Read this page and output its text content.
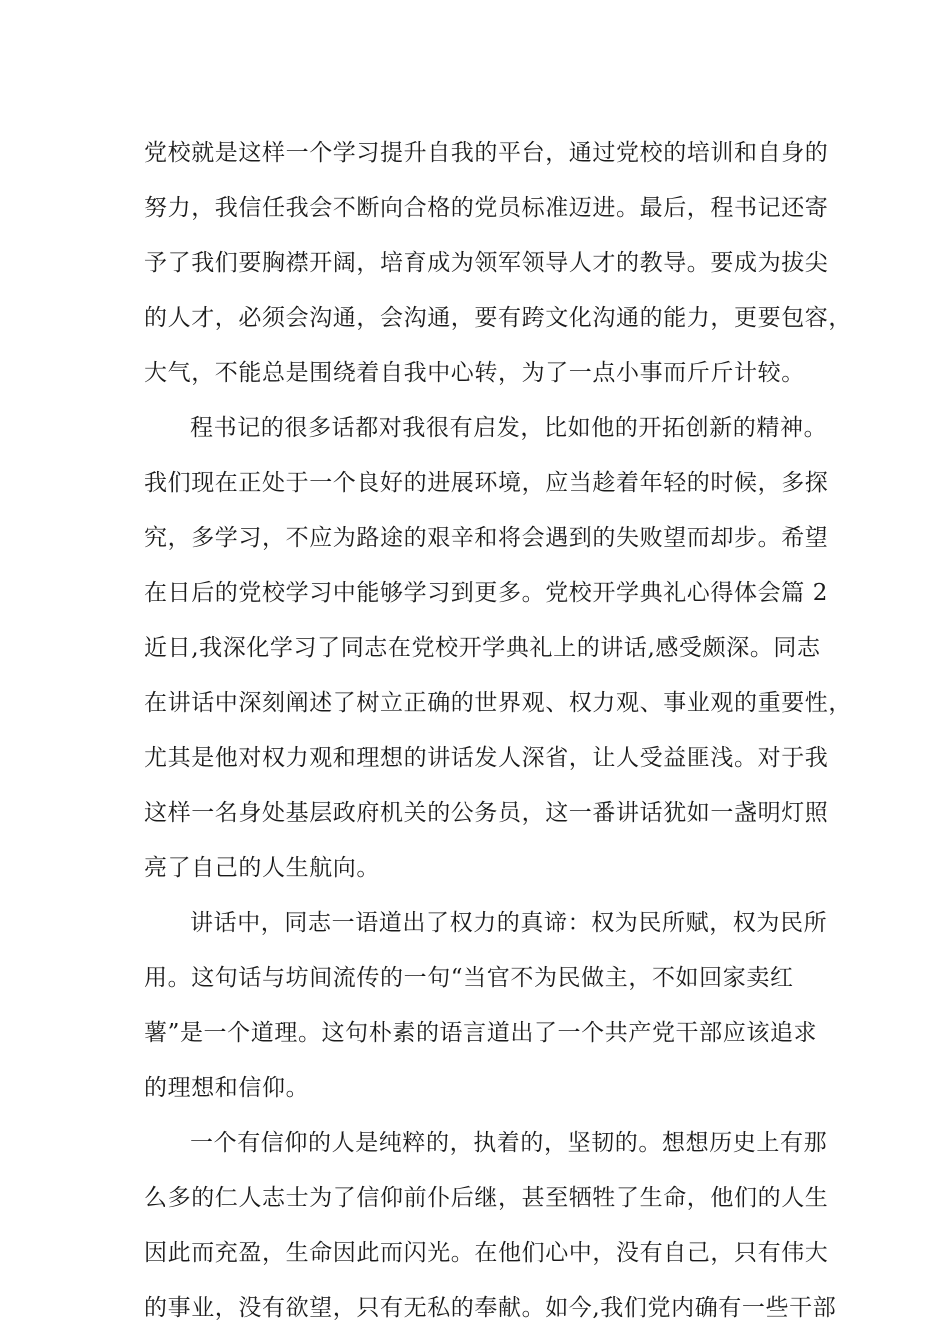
党校就是这样一个学习提升自我的平台，通过党校的培训和自身的
努力，我信任我会不断向合格的党员标准迈进。最后，程书记还寄
予了我们要胸襟开阔，培育成为领军领导人才的教导。要成为拔尖
的人才，必须会沟通，会沟通，要有跨文化沟通的能力，更要包容，
大气，不能总是围绕着自我中心转，为了一点小事而斤斤计较。
程书记的很多话都对我很有启发，比如他的开拓创新的精神。
我们现在正处于一个良好的进展环境，应当趁着年轻的时候，多探
究，多学习，不应为路途的艰辛和将会遇到的失败望而却步。希望
在日后的党校学习中能够学习到更多。党校开学典礼心得体会篇 2
近日,我深化学习了同志在党校开学典礼上的讲话,感受颇深。同志
在讲话中深刻阐述了树立正确的世界观、权力观、事业观的重要性，
尤其是他对权力观和理想的讲话发人深省，让人受益匪浅。对于我
这样一名身处基层政府机关的公务员，这一番讲话犹如一盏明灯照
亮了自己的人生航向。
讲话中，同志一语道出了权力的真谛：权为民所赋，权为民所
用。这句话与坊间流传的一句“当官不为民做主，不如回家卖红
薯”是一个道理。这句朴素的语言道出了一个共产党干部应该追求
的理想和信仰。
一个有信仰的人是纯粹的，执着的，坚韧的。想想历史上有那
么多的仁人志士为了信仰前仆后继，甚至牺牲了生命，他们的人生
因此而充盈，生命因此而闪光。在他们心中，没有自己，只有伟大
的事业，没有欲望，只有无私的奉献。如今,我们党内确有一些干部
